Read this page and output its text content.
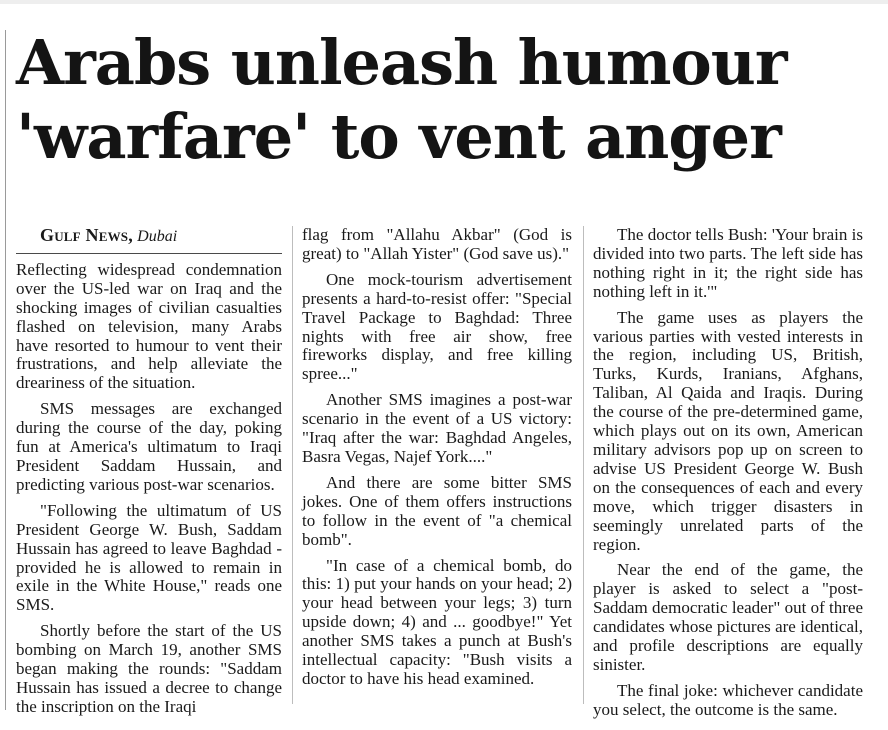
Arabs unleash humour
'warfare' to vent anger

Gulf News, Dubai

Reflecting widespread condemnation over the US-led war on Iraq and the shocking images of civilian casualties flashed on television, many Arabs have resorted to humour to vent their frustrations, and help alleviate the dreariness of the situation.

SMS messages are exchanged during the course of the day, poking fun at America's ultimatum to Iraqi President Saddam Hussain, and predicting various post-war scenarios.

"Following the ultimatum of US President George W. Bush, Saddam Hussain has agreed to leave Baghdad - provided he is allowed to remain in exile in the White House," reads one SMS.

Shortly before the start of the US bombing on March 19, another SMS began making the rounds: "Saddam Hussain has issued a decree to change the inscription on the Iraqi

flag from "Allahu Akbar" (God is great) to "Allah Yister" (God save us)."

One mock-tourism advertisement presents a hard-to-resist offer: "Special Travel Package to Baghdad: Three nights with free air show, free fireworks display, and free killing spree..."

Another SMS imagines a post-war scenario in the event of a US victory: "Iraq after the war: Baghdad Angeles, Basra Vegas, Najef York...."

And there are some bitter SMS jokes. One of them offers instructions to follow in the event of "a chemical bomb".

"In case of a chemical bomb, do this: 1) put your hands on your head; 2) your head between your legs; 3) turn upside down; 4) and ... goodbye!" Yet another SMS takes a punch at Bush's intellectual capacity: "Bush visits a doctor to have his head examined.

The doctor tells Bush: 'Your brain is divided into two parts. The left side has nothing right in it; the right side has nothing left in it.'"

The game uses as players the various parties with vested interests in the region, including US, British, Turks, Kurds, Iranians, Afghans, Taliban, Al Qaida and Iraqis. During the course of the pre-determined game, which plays out on its own, American military advisors pop up on screen to advise US President George W. Bush on the consequences of each and every move, which trigger disasters in seemingly unrelated parts of the region.

Near the end of the game, the player is asked to select a "post-Saddam democratic leader" out of three candidates whose pictures are identical, and profile descriptions are equally sinister.

The final joke: whichever candidate you select, the outcome is the same.
